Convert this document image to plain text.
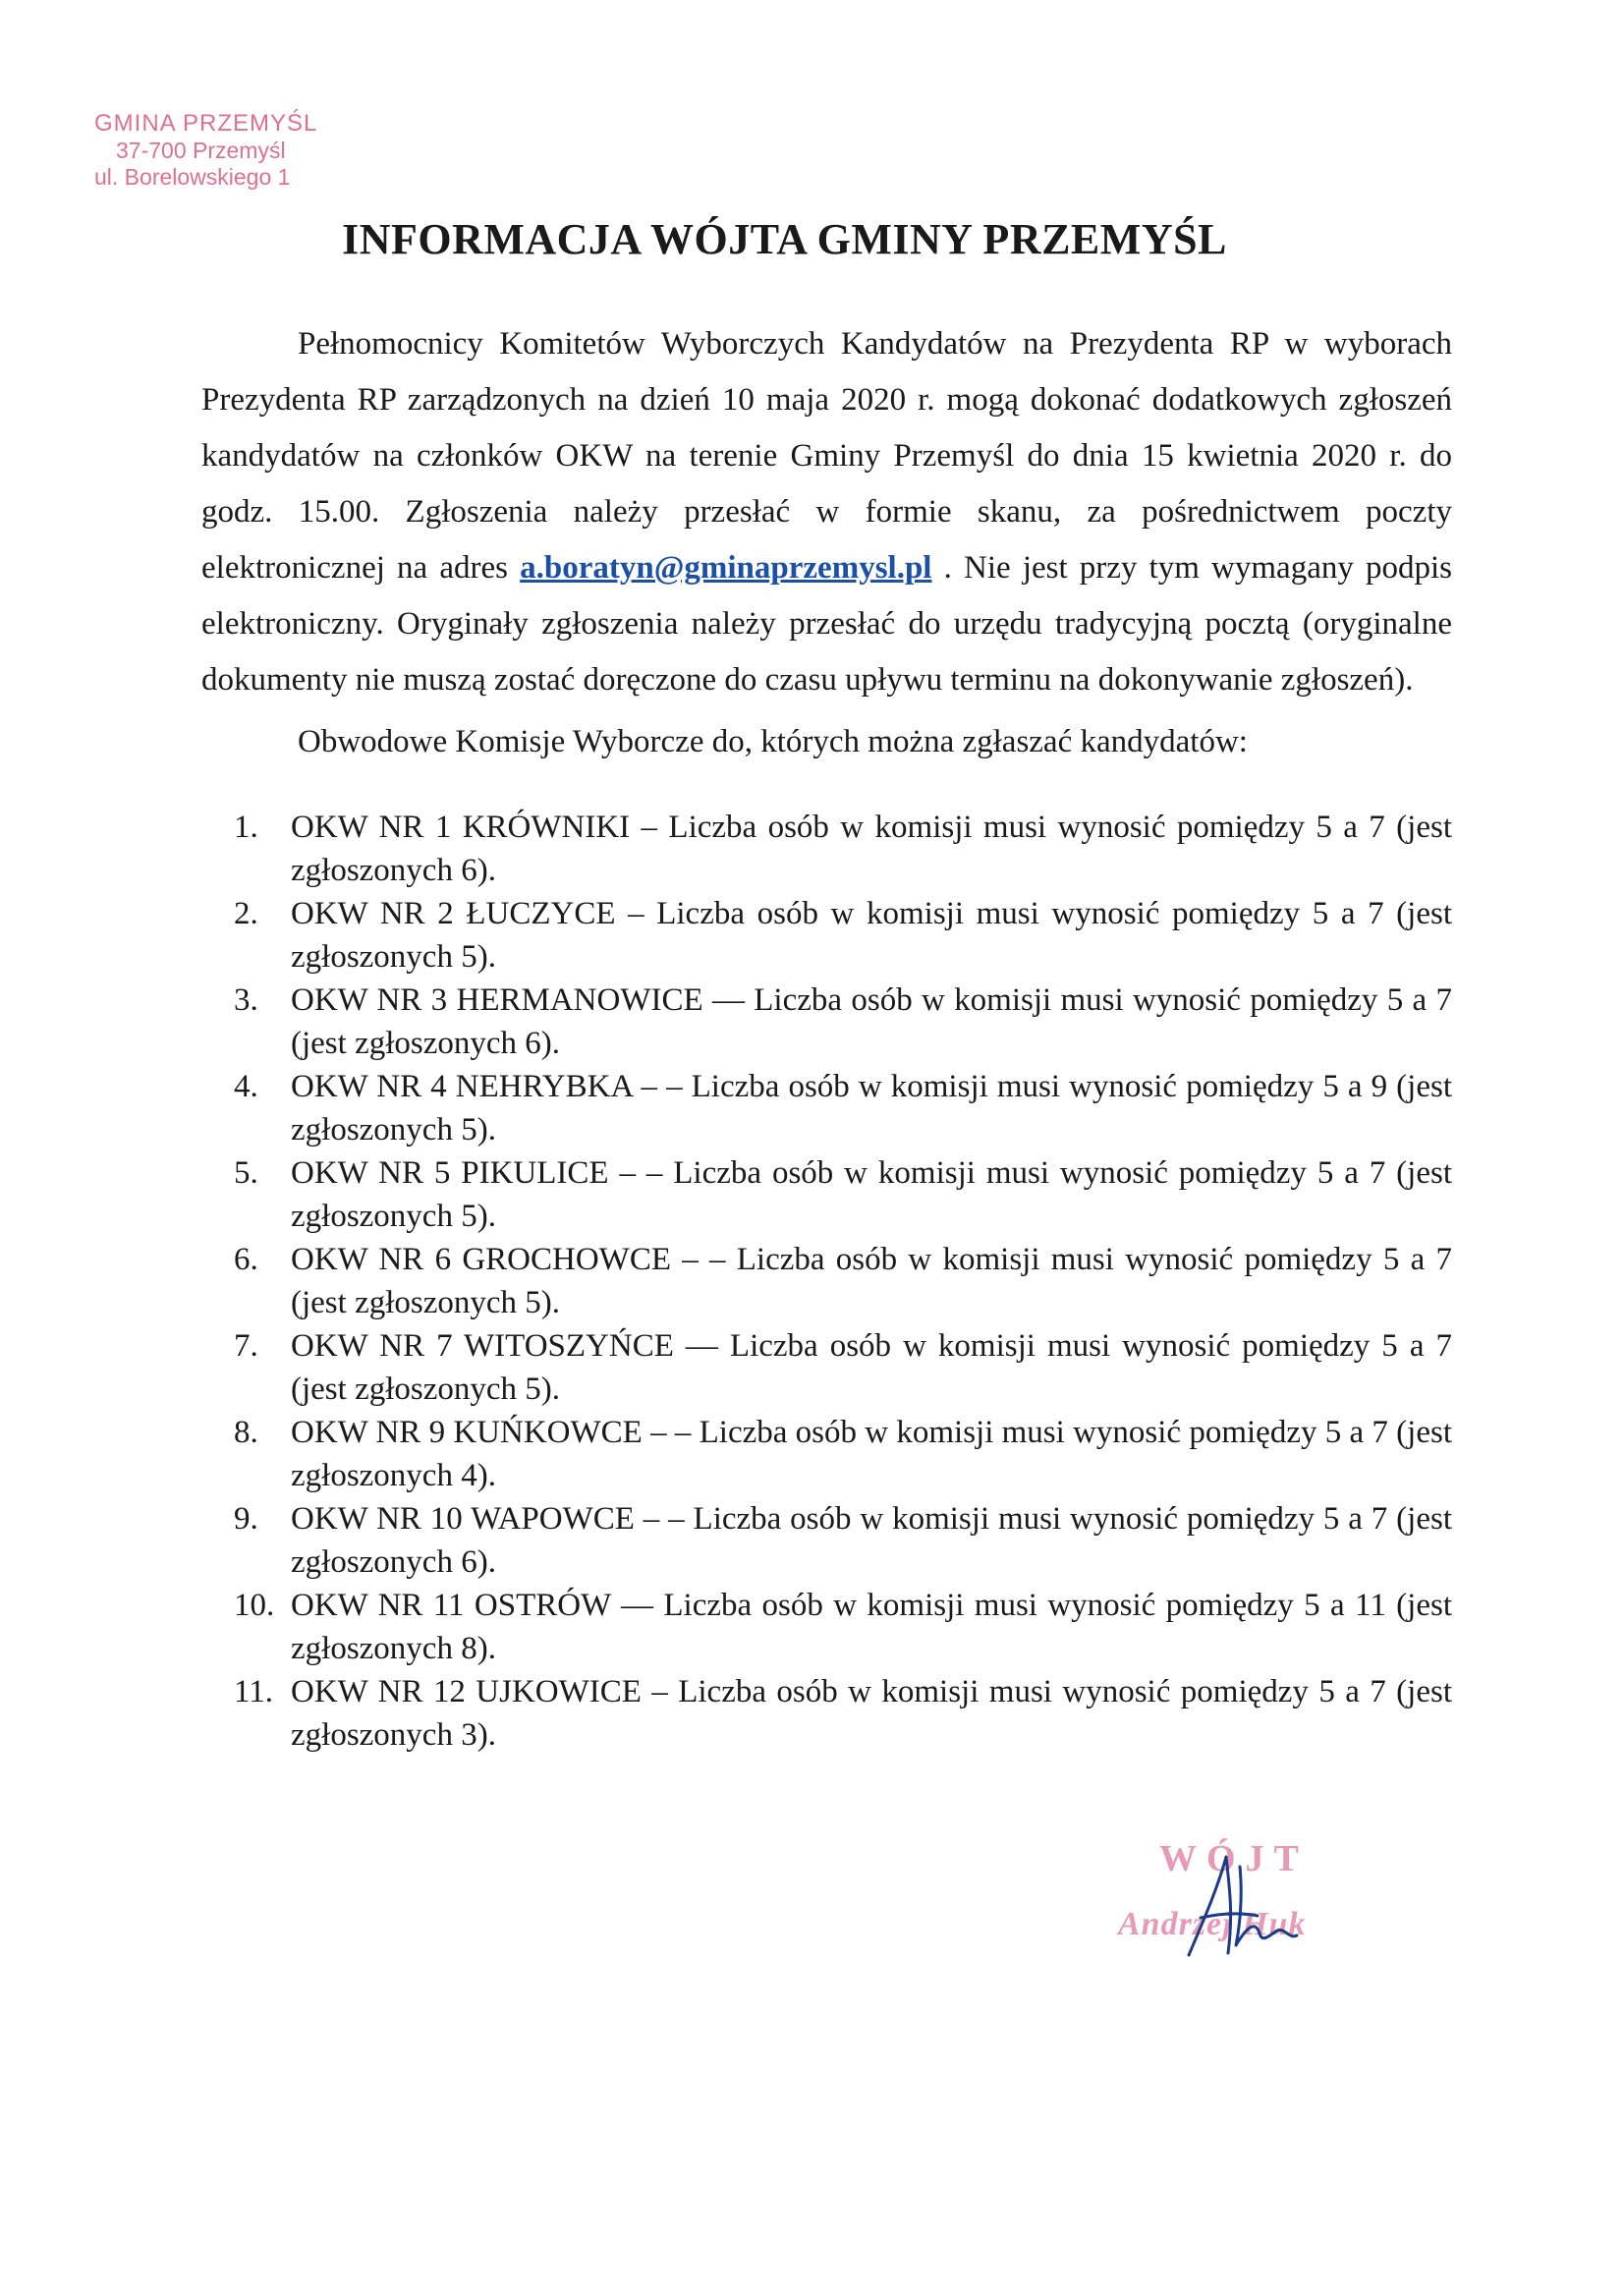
GMINA PRZEMYŚL
37-700 Przemyśl
ul. Borelowskiego 1
INFORMACJA WÓJTA GMINY PRZEMYŚL

Pełnomocnicy Komitetów Wyborczych Kandydatów na Prezydenta RP w wyborach Prezydenta RP zarządzonych na dzień 10 maja 2020 r. mogą dokonać dodatkowych zgłoszeń kandydatów na członków OKW na terenie Gminy Przemyśl do dnia 15 kwietnia 2020 r. do godz. 15.00. Zgłoszenia należy przesłać w formie skanu, za pośrednictwem poczty elektronicznej na adres a.boratyn@gminaprzemysl.pl . Nie jest przy tym wymagany podpis elektroniczny. Oryginały zgłoszenia należy przesłać do urzędu tradycyjną pocztą (oryginalne dokumenty nie muszą zostać doręczone do czasu upływu terminu na dokonywanie zgłoszeń).

Obwodowe Komisje Wyborcze do, których można zgłaszać kandydatów:

1.	OKW NR 1 KRÓWNIKI – Liczba osób w komisji musi wynosić pomiędzy 5 a 7 (jest zgłoszonych 6).
2.	OKW NR 2 ŁUCZYCE – Liczba osób w komisji musi wynosić pomiędzy 5 a 7 (jest zgłoszonych 5).
3.	OKW NR 3 HERMANOWICE — Liczba osób w komisji musi wynosić pomiędzy 5 a 7 (jest zgłoszonych 6).
4.	OKW NR 4 NEHRYBKA – – Liczba osób w komisji musi wynosić pomiędzy 5 a 9 (jest zgłoszonych 5).
5.	OKW NR 5 PIKULICE – – Liczba osób w komisji musi wynosić pomiędzy 5 a 7 (jest zgłoszonych 5).
6.	OKW NR 6 GROCHOWCE – – Liczba osób w komisji musi wynosić pomiędzy 5 a 7 (jest zgłoszonych 5).
7.	OKW NR 7 WITOSZYŃCE — Liczba osób w komisji musi wynosić pomiędzy 5 a 7 (jest zgłoszonych 5).
8.	OKW NR 9 KUŃKOWCE – – Liczba osób w komisji musi wynosić pomiędzy 5 a 7 (jest zgłoszonych 4).
9.	OKW NR 10 WAPOWCE – – Liczba osób w komisji musi wynosić pomiędzy 5 a 7 (jest zgłoszonych 6).
10. OKW NR 11 OSTRÓW — Liczba osób w komisji musi wynosić pomiędzy 5 a 11 (jest zgłoszonych 8).
11. OKW NR 12 UJKOWICE – Liczba osób w komisji musi wynosić pomiędzy 5 a 7 (jest zgłoszonych 3).
WÓJT
Andrzej Huk
